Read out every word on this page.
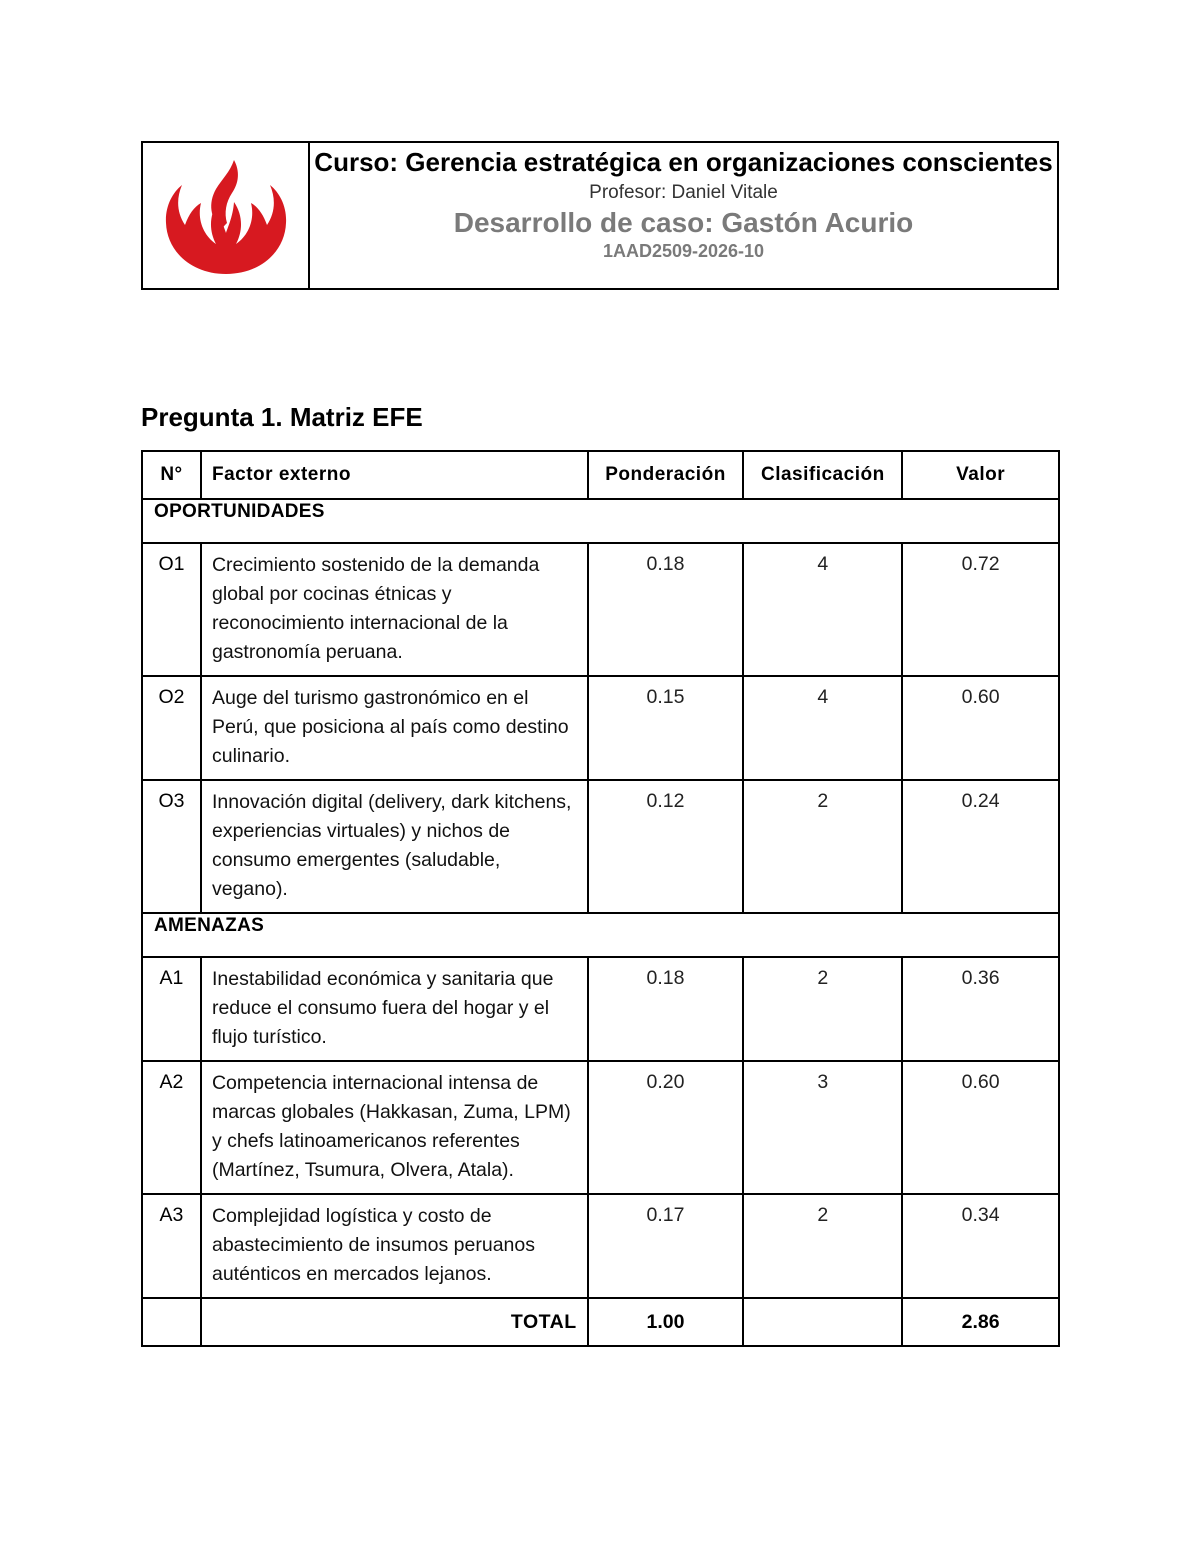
Curso: Gerencia estratégica en organizaciones conscientes
Profesor: Daniel Vitale
Desarrollo de caso: Gastón Acurio
1AAD2509-2026-10
Pregunta 1. Matriz EFE
N°	Factor externo	Ponderación	Clasificación	Valor
OPORTUNIDADES				
O1	Crecimiento sostenido de la demanda global por cocinas étnicas y reconocimiento internacional de la gastronomía peruana.	0.18	4	0.72
O2	Auge del turismo gastronómico en el Perú, que posiciona al país como destino culinario.	0.15	4	0.60
O3	Innovación digital (delivery, dark kitchens, experiencias virtuales) y nichos de consumo emergentes (saludable, vegano).	0.12	2	0.24
AMENAZAS				
A1	Inestabilidad económica y sanitaria que reduce el consumo fuera del hogar y el flujo turístico.	0.18	2	0.36
A2	Competencia internacional intensa de marcas globales (Hakkasan, Zuma, LPM) y chefs latinoamericanos referentes (Martínez, Tsumura, Olvera, Atala).	0.20	3	0.60
A3	Complejidad logística y costo de abastecimiento de insumos peruanos auténticos en mercados lejanos.	0.17	2	0.34
	TOTAL	1.00		2.86
